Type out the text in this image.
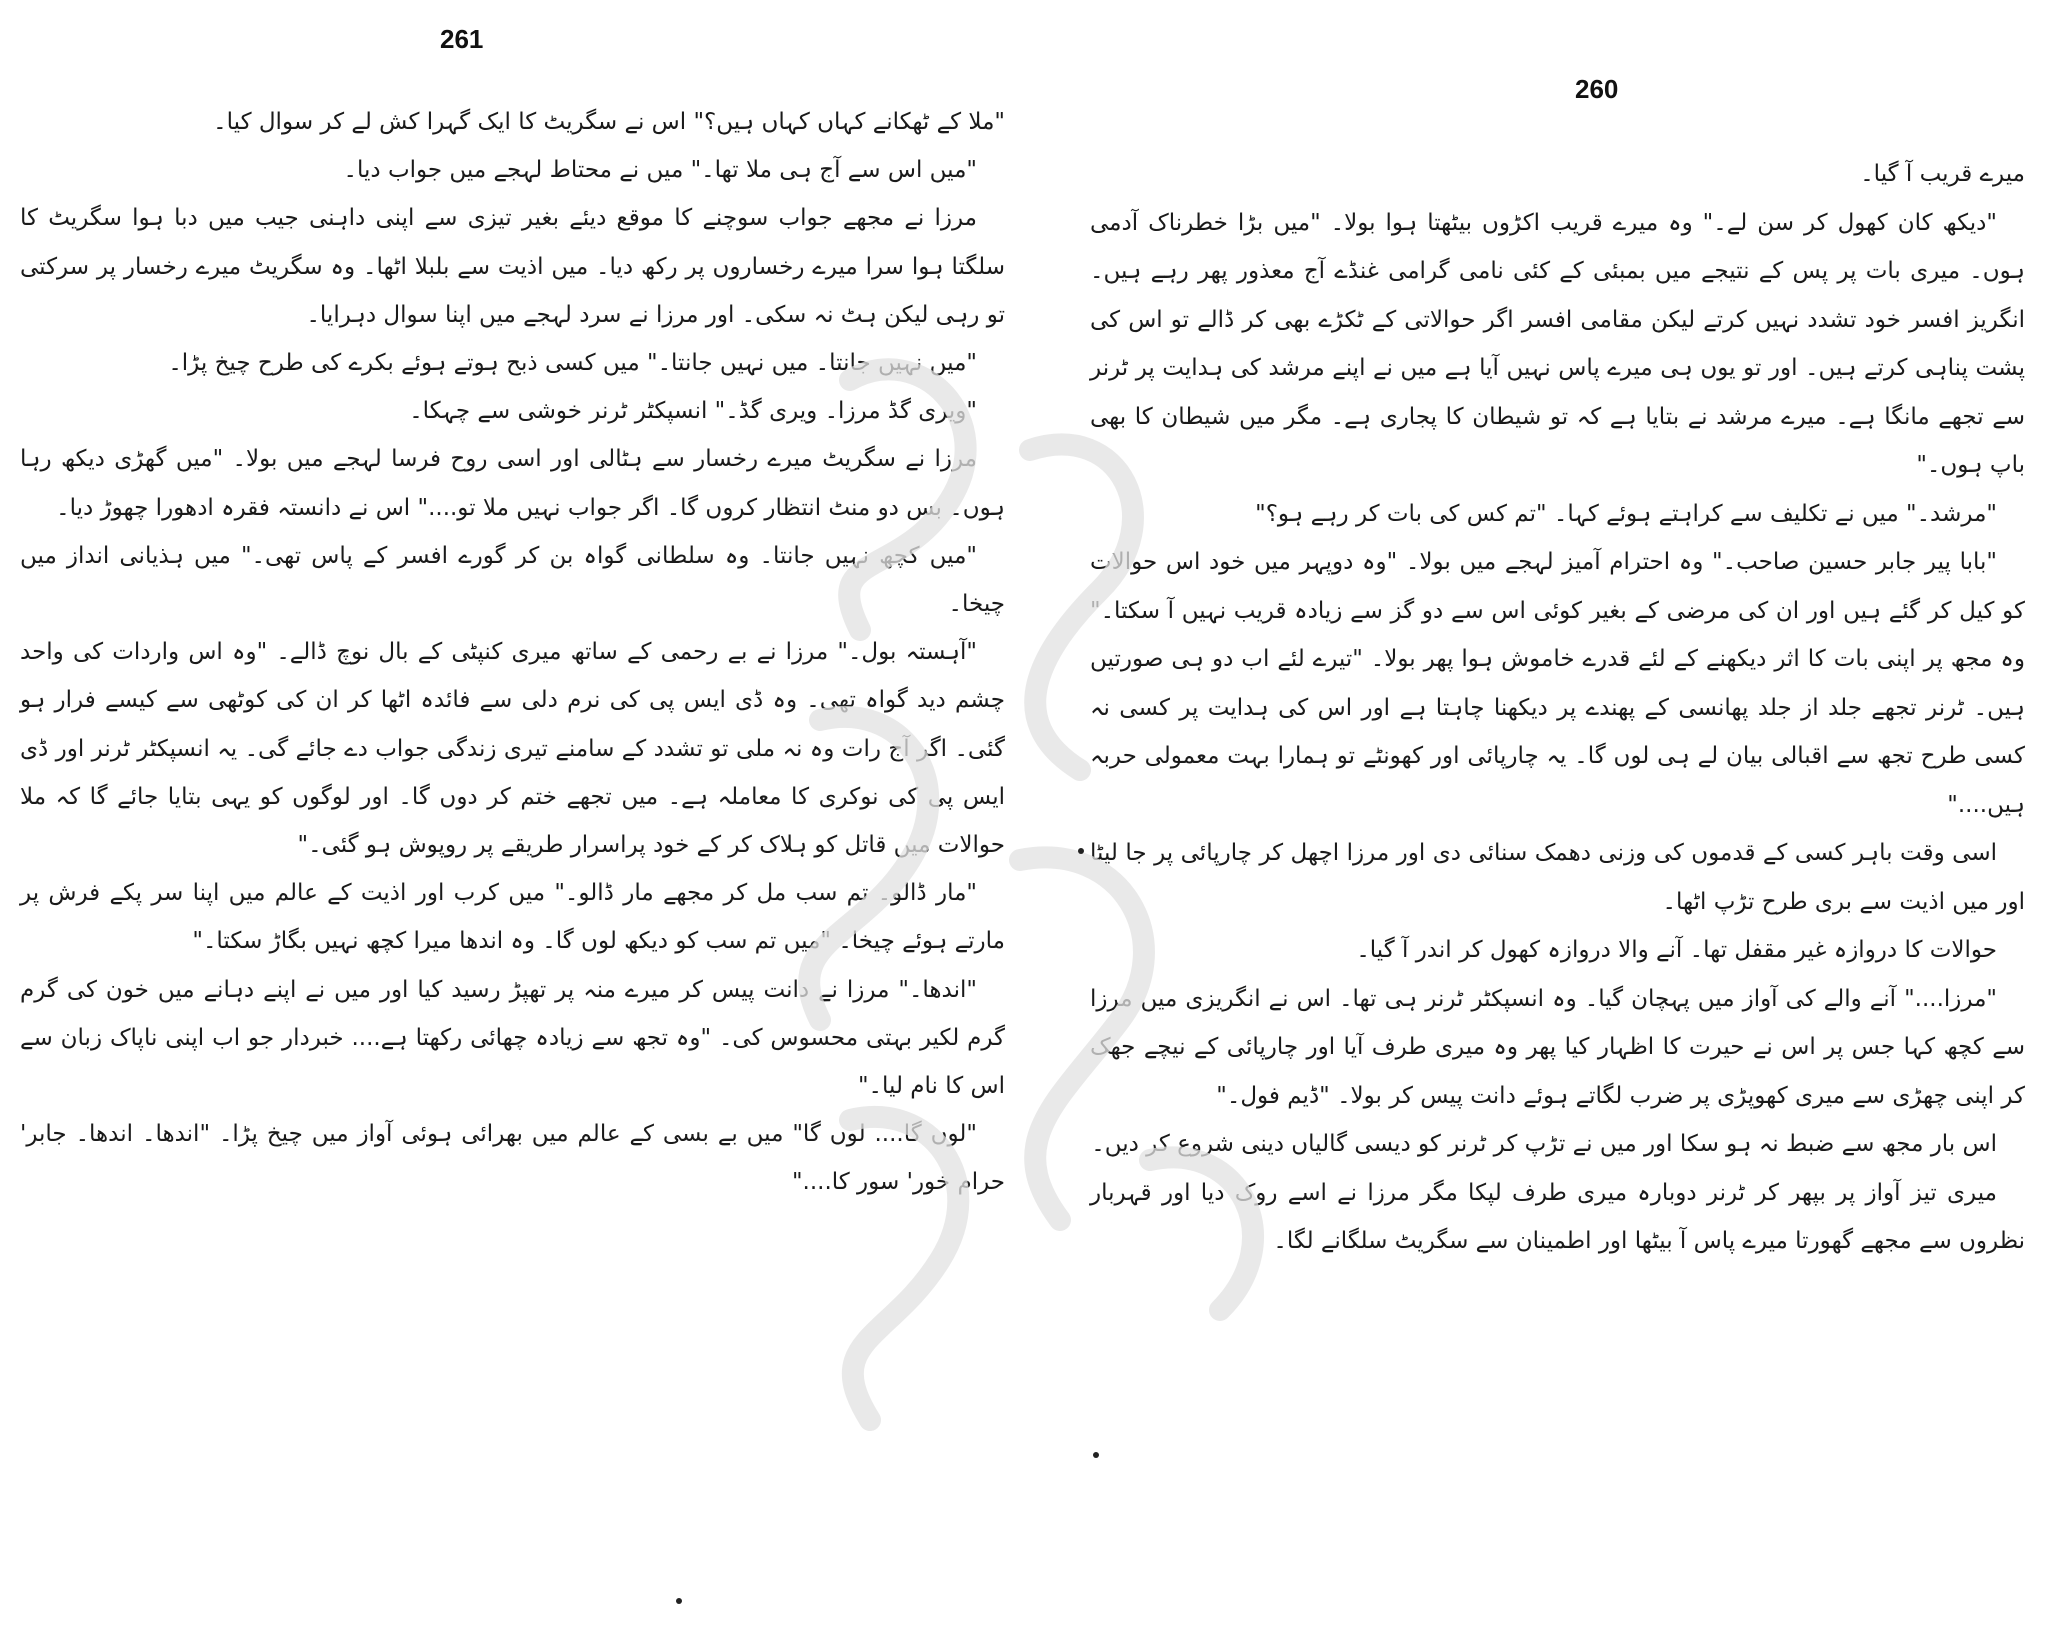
261

"ملا کے ٹھکانے کہاں کہاں ہیں؟" اس نے سگریٹ کا ایک گہرا کش لے کر سوال کیا۔

"میں اس سے آج ہی ملا تھا۔" میں نے محتاط لہجے میں جواب دیا۔

مرزا نے مجھے جواب سوچنے کا موقع دیئے بغیر تیزی سے اپنی داہنی جیب میں دبا ہوا سگریٹ کا سلگتا ہوا سرا میرے رخساروں پر رکھ دیا۔ میں اذیت سے بلبلا اٹھا۔ وہ سگریٹ میرے رخسار پر سرکتی تو رہی لیکن ہٹ نہ سکی۔ اور مرزا نے سرد لہجے میں اپنا سوال دہرایا۔

"میں نہیں جانتا۔ میں نہیں جانتا۔" میں کسی ذبح ہوتے ہوئے بکرے کی طرح چیخ پڑا۔

"ویری گڈ مرزا۔ ویری گڈ۔" انسپکٹر ٹرنر خوشی سے چہکا۔

مرزا نے سگریٹ میرے رخسار سے ہٹالی اور اسی روح فرسا لہجے میں بولا۔ "میں گھڑی دیکھ رہا ہوں۔ بس دو منٹ انتظار کروں گا۔ اگر جواب نہیں ملا تو...." اس نے دانستہ فقرہ ادھورا چھوڑ دیا۔

"میں کچھ نہیں جانتا۔ وہ سلطانی گواہ بن کر گورے افسر کے پاس تھی۔" میں ہذیانی انداز میں چیخا۔

"آہستہ بول۔" مرزا نے بے رحمی کے ساتھ میری کنپٹی کے بال نوچ ڈالے۔ "وہ اس واردات کی واحد چشم دید گواہ تھی۔ وہ ڈی ایس پی کی نرم دلی سے فائدہ اٹھا کر ان کی کوٹھی سے کیسے فرار ہو گئی۔ اگر آج رات وہ نہ ملی تو تشدد کے سامنے تیری زندگی جواب دے جائے گی۔ یہ انسپکٹر ٹرنر اور ڈی ایس پی کی نوکری کا معاملہ ہے۔ میں تجھے ختم کر دوں گا۔ اور لوگوں کو یہی بتایا جائے گا کہ ملا حوالات میں قاتل کو ہلاک کر کے خود پراسرار طریقے پر روپوش ہو گئی۔"

"مار ڈالو۔ تم سب مل کر مجھے مار ڈالو۔" میں کرب اور اذیت کے عالم میں اپنا سر پکے فرش پر مارتے ہوئے چیخا۔ "میں تم سب کو دیکھ لوں گا۔ وہ اندھا میرا کچھ نہیں بگاڑ سکتا۔"

"اندھا۔" مرزا نے دانت پیس کر میرے منہ پر تھپڑ رسید کیا اور میں نے اپنے دہانے میں خون کی گرم گرم لکیر بہتی محسوس کی۔ "وہ تجھ سے زیادہ چھائی رکھتا ہے.... خبردار جو اب اپنی ناپاک زبان سے اس کا نام لیا۔"

"لوں گا.... لوں گا" میں بے بسی کے عالم میں بھرائی ہوئی آواز میں چیخ پڑا۔ "اندھا۔ اندھا۔ جابر' حرام خور' سور کا...."

260

میرے قریب آ گیا۔

"دیکھ کان کھول کر سن لے۔" وہ میرے قریب اکڑوں بیٹھتا ہوا بولا۔ "میں بڑا خطرناک آدمی ہوں۔ میری بات پر پس کے نتیجے میں بمبئی کے کئی نامی گرامی غنڈے آج معذور پھر رہے ہیں۔ انگریز افسر خود تشدد نہیں کرتے لیکن مقامی افسر اگر حوالاتی کے ٹکڑے بھی کر ڈالے تو اس کی پشت پناہی کرتے ہیں۔ اور تو یوں ہی میرے پاس نہیں آیا ہے میں نے اپنے مرشد کی ہدایت پر ٹرنر سے تجھے مانگا ہے۔ میرے مرشد نے بتایا ہے کہ تو شیطان کا پجاری ہے۔ مگر میں شیطان کا بھی باپ ہوں۔"

"مرشد۔" میں نے تکلیف سے کراہتے ہوئے کہا۔ "تم کس کی بات کر رہے ہو؟"

"بابا پیر جابر حسین صاحب۔" وہ احترام آمیز لہجے میں بولا۔ "وہ دوپہر میں خود اس حوالات کو کیل کر گئے ہیں اور ان کی مرضی کے بغیر کوئی اس سے دو گز سے زیادہ قریب نہیں آ سکتا۔" وہ مجھ پر اپنی بات کا اثر دیکھنے کے لئے قدرے خاموش ہوا پھر بولا۔ "تیرے لئے اب دو ہی صورتیں ہیں۔ ٹرنر تجھے جلد از جلد پھانسی کے پھندے پر دیکھنا چاہتا ہے اور اس کی ہدایت پر کسی نہ کسی طرح تجھ سے اقبالی بیان لے ہی لوں گا۔ یہ چارپائی اور کھونٹے تو ہمارا بہت معمولی حربہ ہیں...."

اسی وقت باہر کسی کے قدموں کی وزنی دھمک سنائی دی اور مرزا اچھل کر چارپائی پر جا لیٹا اور میں اذیت سے بری طرح تڑپ اٹھا۔

حوالات کا دروازہ غیر مقفل تھا۔ آنے والا دروازہ کھول کر اندر آ گیا۔

"مرزا...." آنے والے کی آواز میں پہچان گیا۔ وہ انسپکٹر ٹرنر ہی تھا۔ اس نے انگریزی میں مرزا سے کچھ کہا جس پر اس نے حیرت کا اظہار کیا پھر وہ میری طرف آیا اور چارپائی کے نیچے جھک کر اپنی چھڑی سے میری کھوپڑی پر ضرب لگاتے ہوئے دانت پیس کر بولا۔ "ڈیم فول۔"

اس بار مجھ سے ضبط نہ ہو سکا اور میں نے تڑپ کر ٹرنر کو دیسی گالیاں دینی شروع کر دیں۔

میری تیز آواز پر بپھر کر ٹرنر دوبارہ میری طرف لپکا مگر مرزا نے اسے روک دیا اور قہربار نظروں سے مجھے گھورتا میرے پاس آ بیٹھا اور اطمینان سے سگریٹ سلگانے لگا۔
